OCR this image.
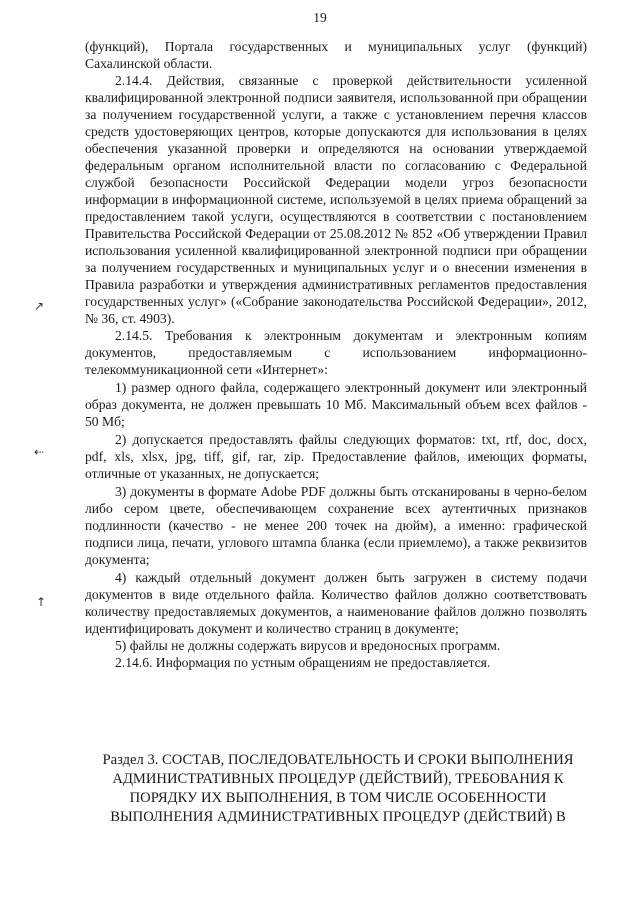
19
↗
⇠
↑

(функций), Портала государственных и муниципальных услуг (функций) Сахалинской области.

2.14.4. Действия, связанные с проверкой действительности усиленной квалифицированной электронной подписи заявителя, использованной при обращении за получением государственной услуги, а также с установлением перечня классов средств удостоверяющих центров, которые допускаются для использования в целях обеспечения указанной проверки и определяются на основании утверждаемой федеральным органом исполнительной власти по согласованию с Федеральной службой безопасности Российской Федерации модели угроз безопасности информации в информационной системе, используемой в целях приема обращений за предоставлением такой услуги, осуществляются в соответствии с постановлением Правительства Российской Федерации от 25.08.2012 № 852 «Об утверждении Правил использования усиленной квалифицированной электронной подписи при обращении за получением государственных и муниципальных услуг и о внесении изменения в Правила разработки и утверждения административных регламентов предоставления государственных услуг» («Собрание законодательства Российской Федерации», 2012, № 36, ст. 4903).

2.14.5. Требования к электронным документам и электронным копиям документов, предоставляемым с использованием информационно-телекоммуникационной сети «Интернет»:

1) размер одного файла, содержащего электронный документ или электронный образ документа, не должен превышать 10 Мб. Максимальный объем всех файлов - 50 Мб;

2) допускается предоставлять файлы следующих форматов: txt, rtf, doc, docx, pdf, xls, xlsx, jpg, tiff, gif, rar, zip. Предоставление файлов, имеющих форматы, отличные от указанных, не допускается;

3) документы в формате Adobe PDF должны быть отсканированы в черно-белом либо сером цвете, обеспечивающем сохранение всех аутентичных признаков подлинности (качество - не менее 200 точек на дюйм), а именно: графической подписи лица, печати, углового штампа бланка (если приемлемо), а также реквизитов документа;

4) каждый отдельный документ должен быть загружен в систему подачи документов в виде отдельного файла. Количество файлов должно соответствовать количеству предоставляемых документов, а наименование файлов должно позволять идентифицировать документ и количество страниц в документе;

5) файлы не должны содержать вирусов и вредоносных программ.

2.14.6. Информация по устным обращениям не предоставляется.

Раздел 3. СОСТАВ, ПОСЛЕДОВАТЕЛЬНОСТЬ И СРОКИ ВЫПОЛНЕНИЯ АДМИНИСТРАТИВНЫХ ПРОЦЕДУР (ДЕЙСТВИЙ), ТРЕБОВАНИЯ К ПОРЯДКУ ИХ ВЫПОЛНЕНИЯ, В ТОМ ЧИСЛЕ ОСОБЕННОСТИ ВЫПОЛНЕНИЯ АДМИНИСТРАТИВНЫХ ПРОЦЕДУР (ДЕЙСТВИЙ) В
